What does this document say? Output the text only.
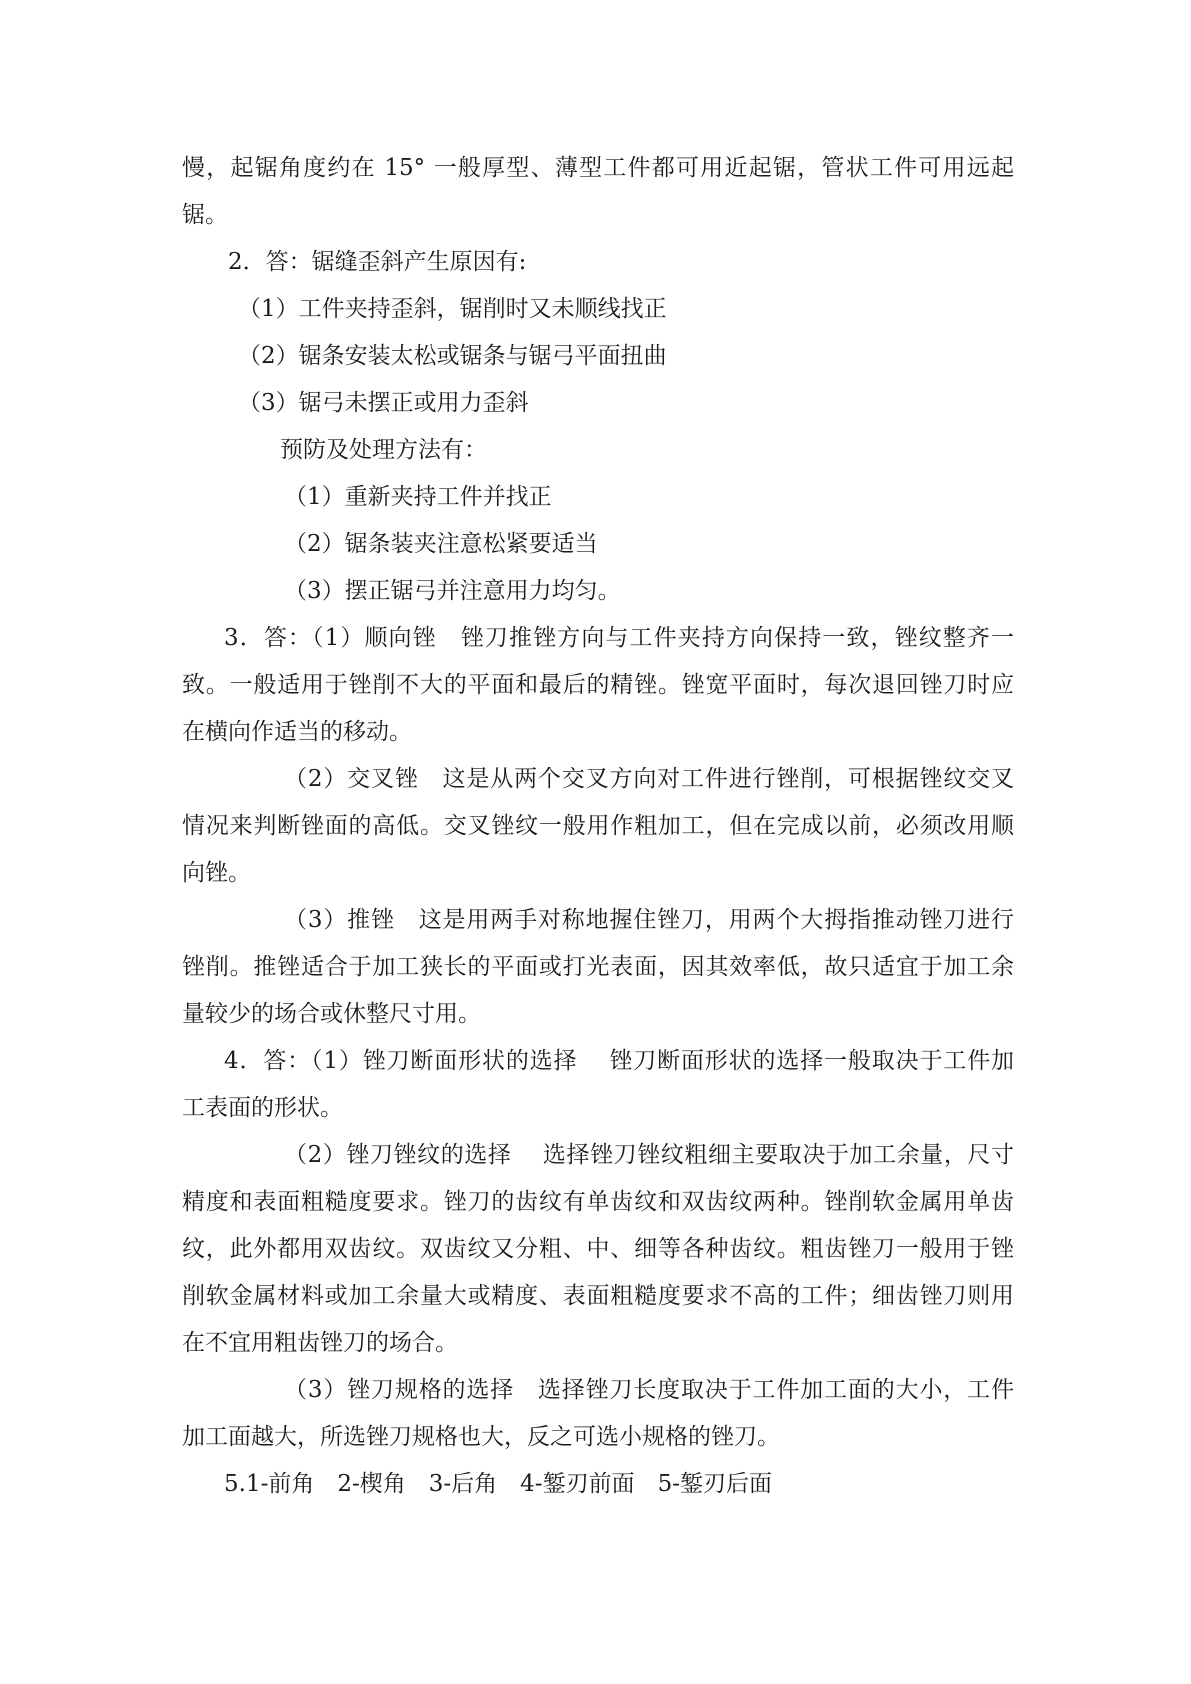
慢，起锯角度约在 15° 一般厚型、薄型工件都可用近起锯，管状工件可用远起

锯。

2．答：锯缝歪斜产生原因有:

（1）工件夹持歪斜，锯削时又未顺线找正

（2）锯条安装太松或锯条与锯弓平面扭曲

（3）锯弓未摆正或用力歪斜

预防及处理方法有：

（1）重新夹持工件并找正

（2）锯条装夹注意松紧要适当

（3）摆正锯弓并注意用力均匀。

3．答：（1）顺向锉　锉刀推锉方向与工件夹持方向保持一致，锉纹整齐一

致。一般适用于锉削不大的平面和最后的精锉。锉宽平面时，每次退回锉刀时应

在横向作适当的移动。

（2）交叉锉　这是从两个交叉方向对工件进行锉削，可根据锉纹交叉

情况来判断锉面的高低。交叉锉纹一般用作粗加工，但在完成以前，必须改用顺

向锉。

（3）推锉　这是用两手对称地握住锉刀，用两个大拇指推动锉刀进行

锉削。推锉适合于加工狭长的平面或打光表面，因其效率低，故只适宜于加工余

量较少的场合或休整尺寸用。

4．答：（1）锉刀断面形状的选择　 锉刀断面形状的选择一般取决于工件加

工表面的形状。

（2）锉刀锉纹的选择　 选择锉刀锉纹粗细主要取决于加工余量，尺寸

精度和表面粗糙度要求。锉刀的齿纹有单齿纹和双齿纹两种。锉削软金属用单齿

纹，此外都用双齿纹。双齿纹又分粗、中、细等各种齿纹。粗齿锉刀一般用于锉

削软金属材料或加工余量大或精度、表面粗糙度要求不高的工件；细齿锉刀则用

在不宜用粗齿锉刀的场合。

（3）锉刀规格的选择　选择锉刀长度取决于工件加工面的大小，工件

加工面越大，所选锉刀规格也大，反之可选小规格的锉刀。

5.1-前角　2-楔角　3-后角　4-錾刃前面　5-錾刃后面
